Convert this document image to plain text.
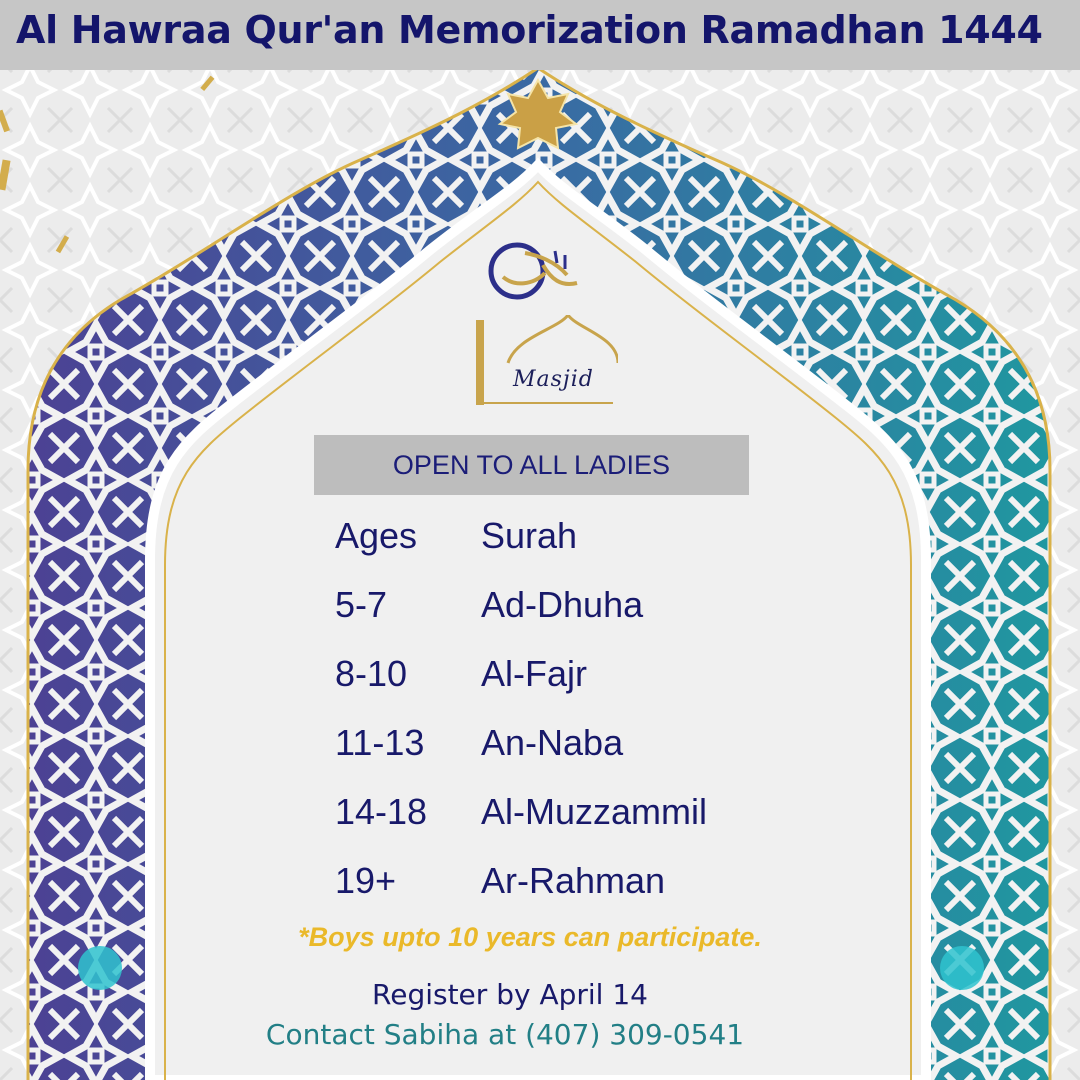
Al Hawraa Qur'an Memorization Ramadhan 1444
Masjid
OPEN TO ALL LADIES
Ages Surah
5-7	Ad-Dhuha
8-10 Al-Fajr
11-13 An-Naba
14-18 Al-Muzzammil
19+ Ar-Rahman
*Boys upto 10 years can participate.
Register by April 14
Contact Sabiha at (407) 309-0541
